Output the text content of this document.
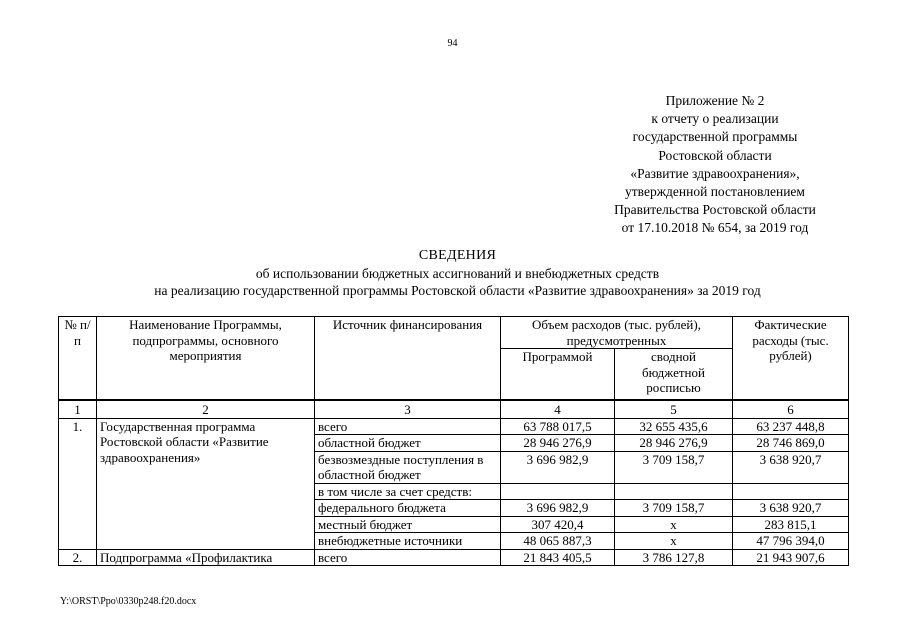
94
Приложение № 2
к отчету о реализации
государственной программы
Ростовской области
«Развитие здравоохранения»,
утвержденной постановлением
Правительства Ростовской области
от 17.10.2018 № 654, за 2019 год
СВЕДЕНИЯ
об использовании бюджетных ассигнований и внебюджетных средств
на реализацию государственной программы Ростовской области «Развитие здравоохранения» за 2019 год
№ п/п	Наименование Программы, подпрограммы, основного мероприятия	Источник финансирования	Объем расходов (тыс. рублей), предусмотренных		Фактические расходы (тыс. рублей)
			Программой	сводной бюджетной росписью	
1	2	3	4	5	6
1.	Государственная программа Ростовской области «Развитие здравоохранения»	всего	63 788 017,5	32 655 435,6	63 237 448,8
		областной бюджет	28 946 276,9	28 946 276,9	28 746 869,0
		безвозмездные поступления в областной бюджет	3 696 982,9	3 709 158,7	3 638 920,7
		в том числе за счет средств:			
		федерального бюджета	3 696 982,9	3 709 158,7	3 638 920,7
		местный бюджет	307 420,4	х	283 815,1
		внебюджетные источники	48 065 887,3	х	47 796 394,0
2.	Подпрограмма «Профилактика	всего	21 843 405,5	3 786 127,8	21 943 907,6
Y:\ORST\Ppo\0330p248.f20.docx
